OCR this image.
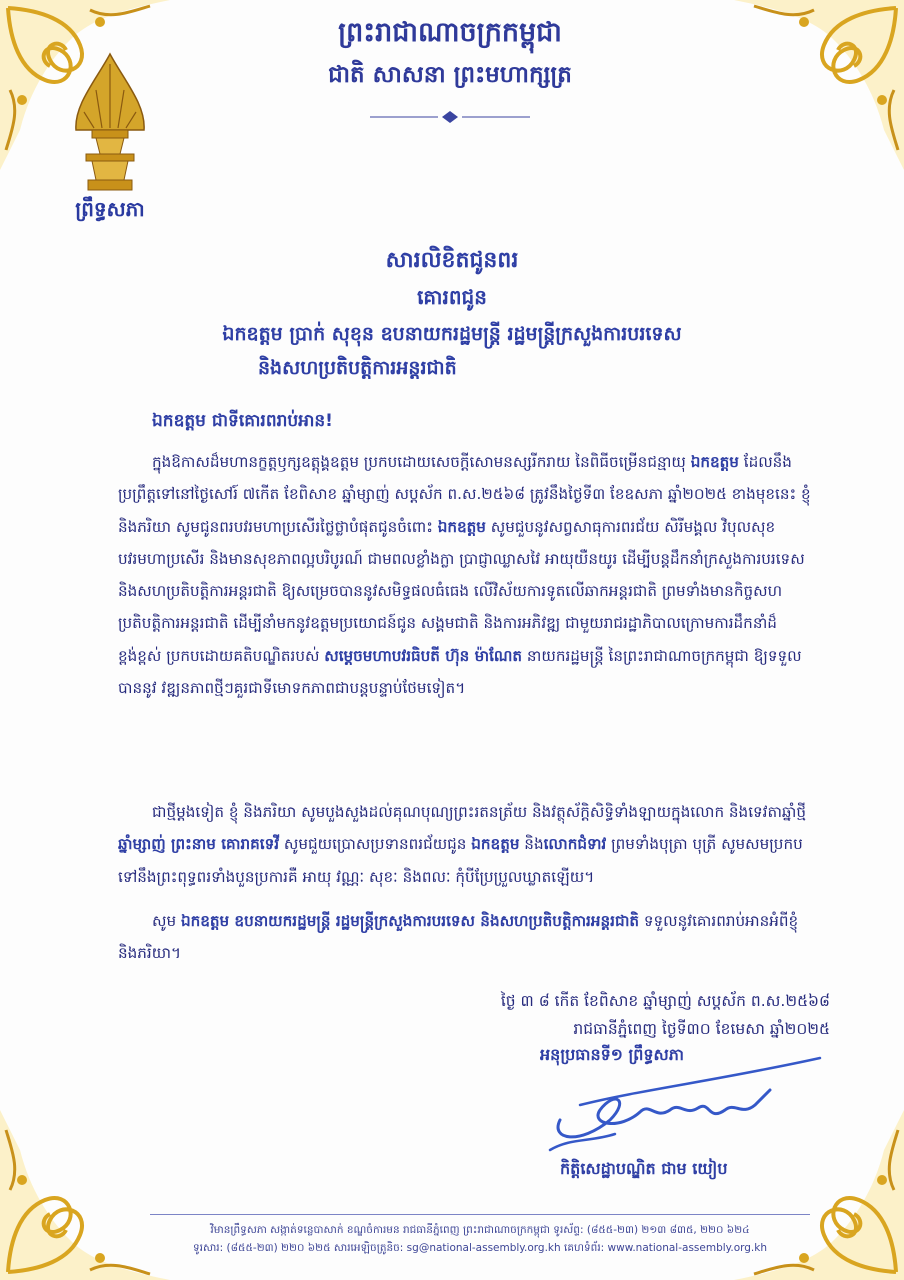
ព្រះរាជាណាចក្រកម្ពុជា
ជាតិ សាសនា ព្រះមហាក្សត្រ
ព្រឹទ្ធសភា
សារលិខិតជូនពរ
គោរពជូន
ឯកឧត្តម ប្រាក់ សុខុន ឧបនាយករដ្ឋមន្ត្រី រដ្ឋមន្ត្រីក្រសួងការបរទេស
និងសហប្រតិបត្តិការអន្តរជាតិ
ឯកឧត្តម ជាទីគោរពរាប់អាន!
ក្នុងឱកាសដ៏មហានក្ខត្តឫក្សឧត្តុង្គឧត្តម ប្រកបដោយសេចក្តីសោមនស្សរីករាយ នៃពិធីចម្រើនជន្មាយុ ឯកឧត្តម ដែលនឹងប្រព្រឹត្តទៅនៅថ្ងៃសៅរ៍ ៧កើត ខែពិសាខ ឆ្នាំម្សាញ់ សប្តស័ក ព.ស.២៥៦៨ ត្រូវនឹងថ្ងៃទី៣ ខែឧសភា ឆ្នាំ២០២៥ ខាងមុខនេះ ខ្ញុំ និងភរិយា សូមជូនពរបវរមហាប្រសើរថ្លៃថ្លាបំផុតជូនចំពោះ ឯកឧត្តម សូមជួបនូវសព្វសាធុការពរជ័យ សិរីមង្គល វិបុលសុខ បវរមហាប្រសើរ និងមានសុខភាពល្អបរិបូរណ៍ ជាមពលខ្លាំងក្លា ប្រាជ្ញាឈ្លាសវៃ អាយុយឺនយូរ ដើម្បីបន្តដឹកនាំក្រសួងការបរទេស និងសហប្រតិបត្តិការអន្តរជាតិ ឱ្យសម្រេចបាននូវសមិទ្ធផលធំធេង លើវិស័យការទូតលើឆាកអន្តរជាតិ ព្រមទាំងមានកិច្ចសហប្រតិបត្តិការអន្តរជាតិ ដើម្បីនាំមកនូវឧត្តមប្រយោជន៍ជូន សង្គមជាតិ និងការអភិវឌ្ឍ ជាមួយរាជរដ្ឋាភិបាលក្រោមការដឹកនាំដ៏ខ្ពង់ខ្ពស់ ប្រកបដោយគតិបណ្ឌិតរបស់ សម្តេចមហាបវរធិបតី ហ៊ុន ម៉ាណែត នាយករដ្ឋមន្ត្រី នៃព្រះរាជាណាចក្រកម្ពុជា ឱ្យទទួលបាននូវ វឌ្ឍនភាពថ្មីៗគួរជាទីមោទកភាពជាបន្តបន្ទាប់ថែមទៀត។
ជាថ្មីម្តងទៀត ខ្ញុំ និងភរិយា សូមបួងសួងដល់គុណបុណ្យព្រះរតនត្រ័យ និងវត្ថុស័ក្តិសិទ្ធិទាំងឡាយក្នុងលោក និងទេវតាឆ្នាំថ្មី ឆ្នាំម្សាញ់ ព្រះនាម គោរាគទេវី សូមជួយប្រោសប្រទានពរជ័យជូន ឯកឧត្តម និងលោកជំទាវ ព្រមទាំងបុត្រា បុត្រី សូមសមប្រកបទៅនឹងព្រះពុទ្ធពរទាំងបួនប្រការគឺ អាយុ វណ្ណៈ សុខៈ និងពលៈ កុំបីប្រែប្រួលឃ្លាតឡើយ។
សូម ឯកឧត្តម ឧបនាយករដ្ឋមន្ត្រី រដ្ឋមន្ត្រីក្រសួងការបរទេស និងសហប្រតិបត្តិការអន្តរជាតិ ទទួលនូវគោរពរាប់អានអំពីខ្ញុំ និងភរិយា។
ថ្ងៃ ៣ ៨ កើត ខែពិសាខ ឆ្នាំម្សាញ់ សប្តស័ក ព.ស.២៥៦៨
រាជធានីភ្នំពេញ ថ្ងៃទី៣០ ខែមេសា ឆ្នាំ២០២៥
អនុប្រធានទី១ ព្រឹទ្ធសភា
កិត្តិសេដ្ឋាបណ្ឌិត ជាម យៀប
វិមានព្រឹទ្ធសភា សង្កាត់ទន្លេបាសាក់ ខណ្ឌចំការមន រាជធានីភ្នំពេញ ព្រះរាជាណាចក្រកម្ពុជា ទូរស័ព្ទ: (៨៥៥-២៣) ២១៣ ៨៣៥, ២២០ ៦២៤
ទូរសារ: (៨៥៥-២៣) ២២០ ៦២៥ សារអេឡិចត្រូនិច: sg@national-assembly.org.kh គេហទំព័រ: www.national-assembly.org.kh
